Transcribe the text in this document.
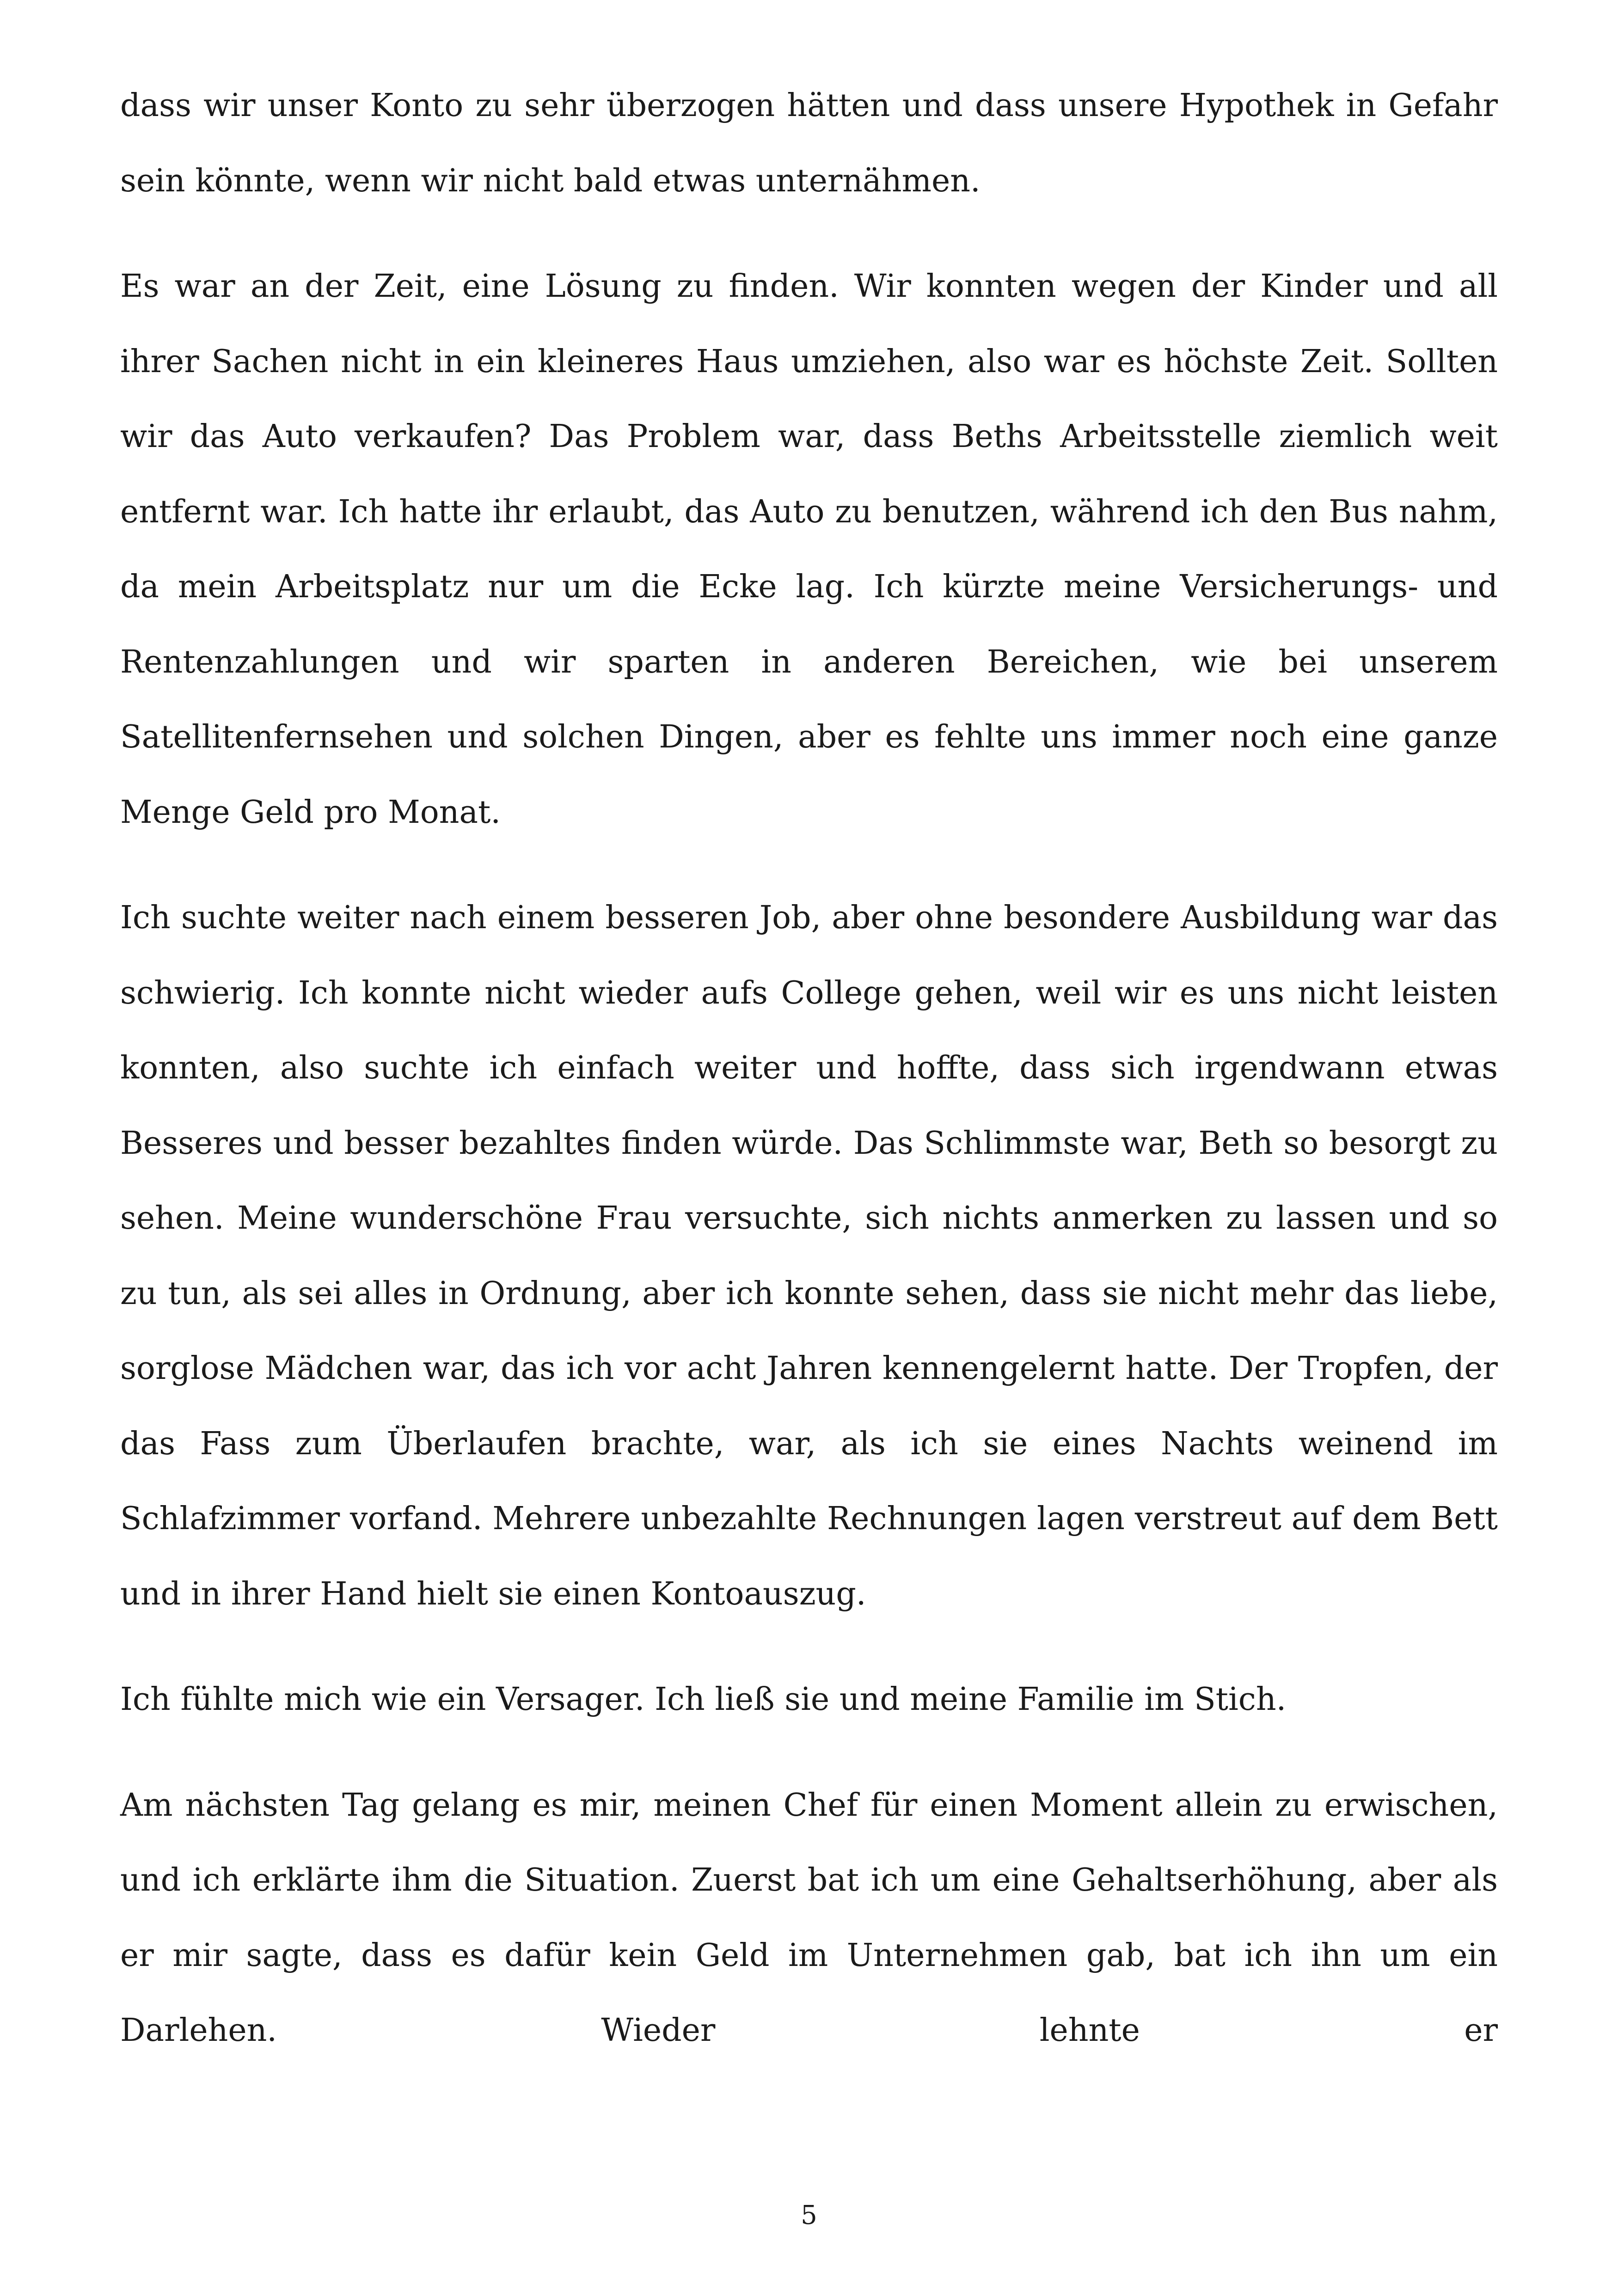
dass wir unser Konto zu sehr überzogen hätten und dass unsere Hypothek in Gefahr sein könnte, wenn wir nicht bald etwas unternähmen.

Es war an der Zeit, eine Lösung zu finden. Wir konnten wegen der Kinder und all ihrer Sachen nicht in ein kleineres Haus umziehen, also war es höchste Zeit. Sollten wir das Auto verkaufen? Das Problem war, dass Beths Arbeitsstelle ziemlich weit entfernt war. Ich hatte ihr erlaubt, das Auto zu benutzen, während ich den Bus nahm, da mein Arbeitsplatz nur um die Ecke lag. Ich kürzte meine Versicherungs- und Rentenzahlungen und wir sparten in anderen Bereichen, wie bei unserem Satellitenfernsehen und solchen Dingen, aber es fehlte uns immer noch eine ganze Menge Geld pro Monat.

Ich suchte weiter nach einem besseren Job, aber ohne besondere Ausbildung war das schwierig. Ich konnte nicht wieder aufs College gehen, weil wir es uns nicht leisten konnten, also suchte ich einfach weiter und hoffte, dass sich irgendwann etwas Besseres und besser bezahltes finden würde. Das Schlimmste war, Beth so besorgt zu sehen. Meine wunderschöne Frau versuchte, sich nichts anmerken zu lassen und so zu tun, als sei alles in Ordnung, aber ich konnte sehen, dass sie nicht mehr das liebe, sorglose Mädchen war, das ich vor acht Jahren kennengelernt hatte. Der Tropfen, der das Fass zum Überlaufen brachte, war, als ich sie eines Nachts weinend im Schlafzimmer vorfand. Mehrere unbezahlte Rechnungen lagen verstreut auf dem Bett und in ihrer Hand hielt sie einen Kontoauszug.

Ich fühlte mich wie ein Versager. Ich ließ sie und meine Familie im Stich.

Am nächsten Tag gelang es mir, meinen Chef für einen Moment allein zu erwischen, und ich erklärte ihm die Situation. Zuerst bat ich um eine Gehaltserhöhung, aber als er mir sagte, dass es dafür kein Geld im Unternehmen gab, bat ich ihn um ein Darlehen. Wieder lehnte er

5
